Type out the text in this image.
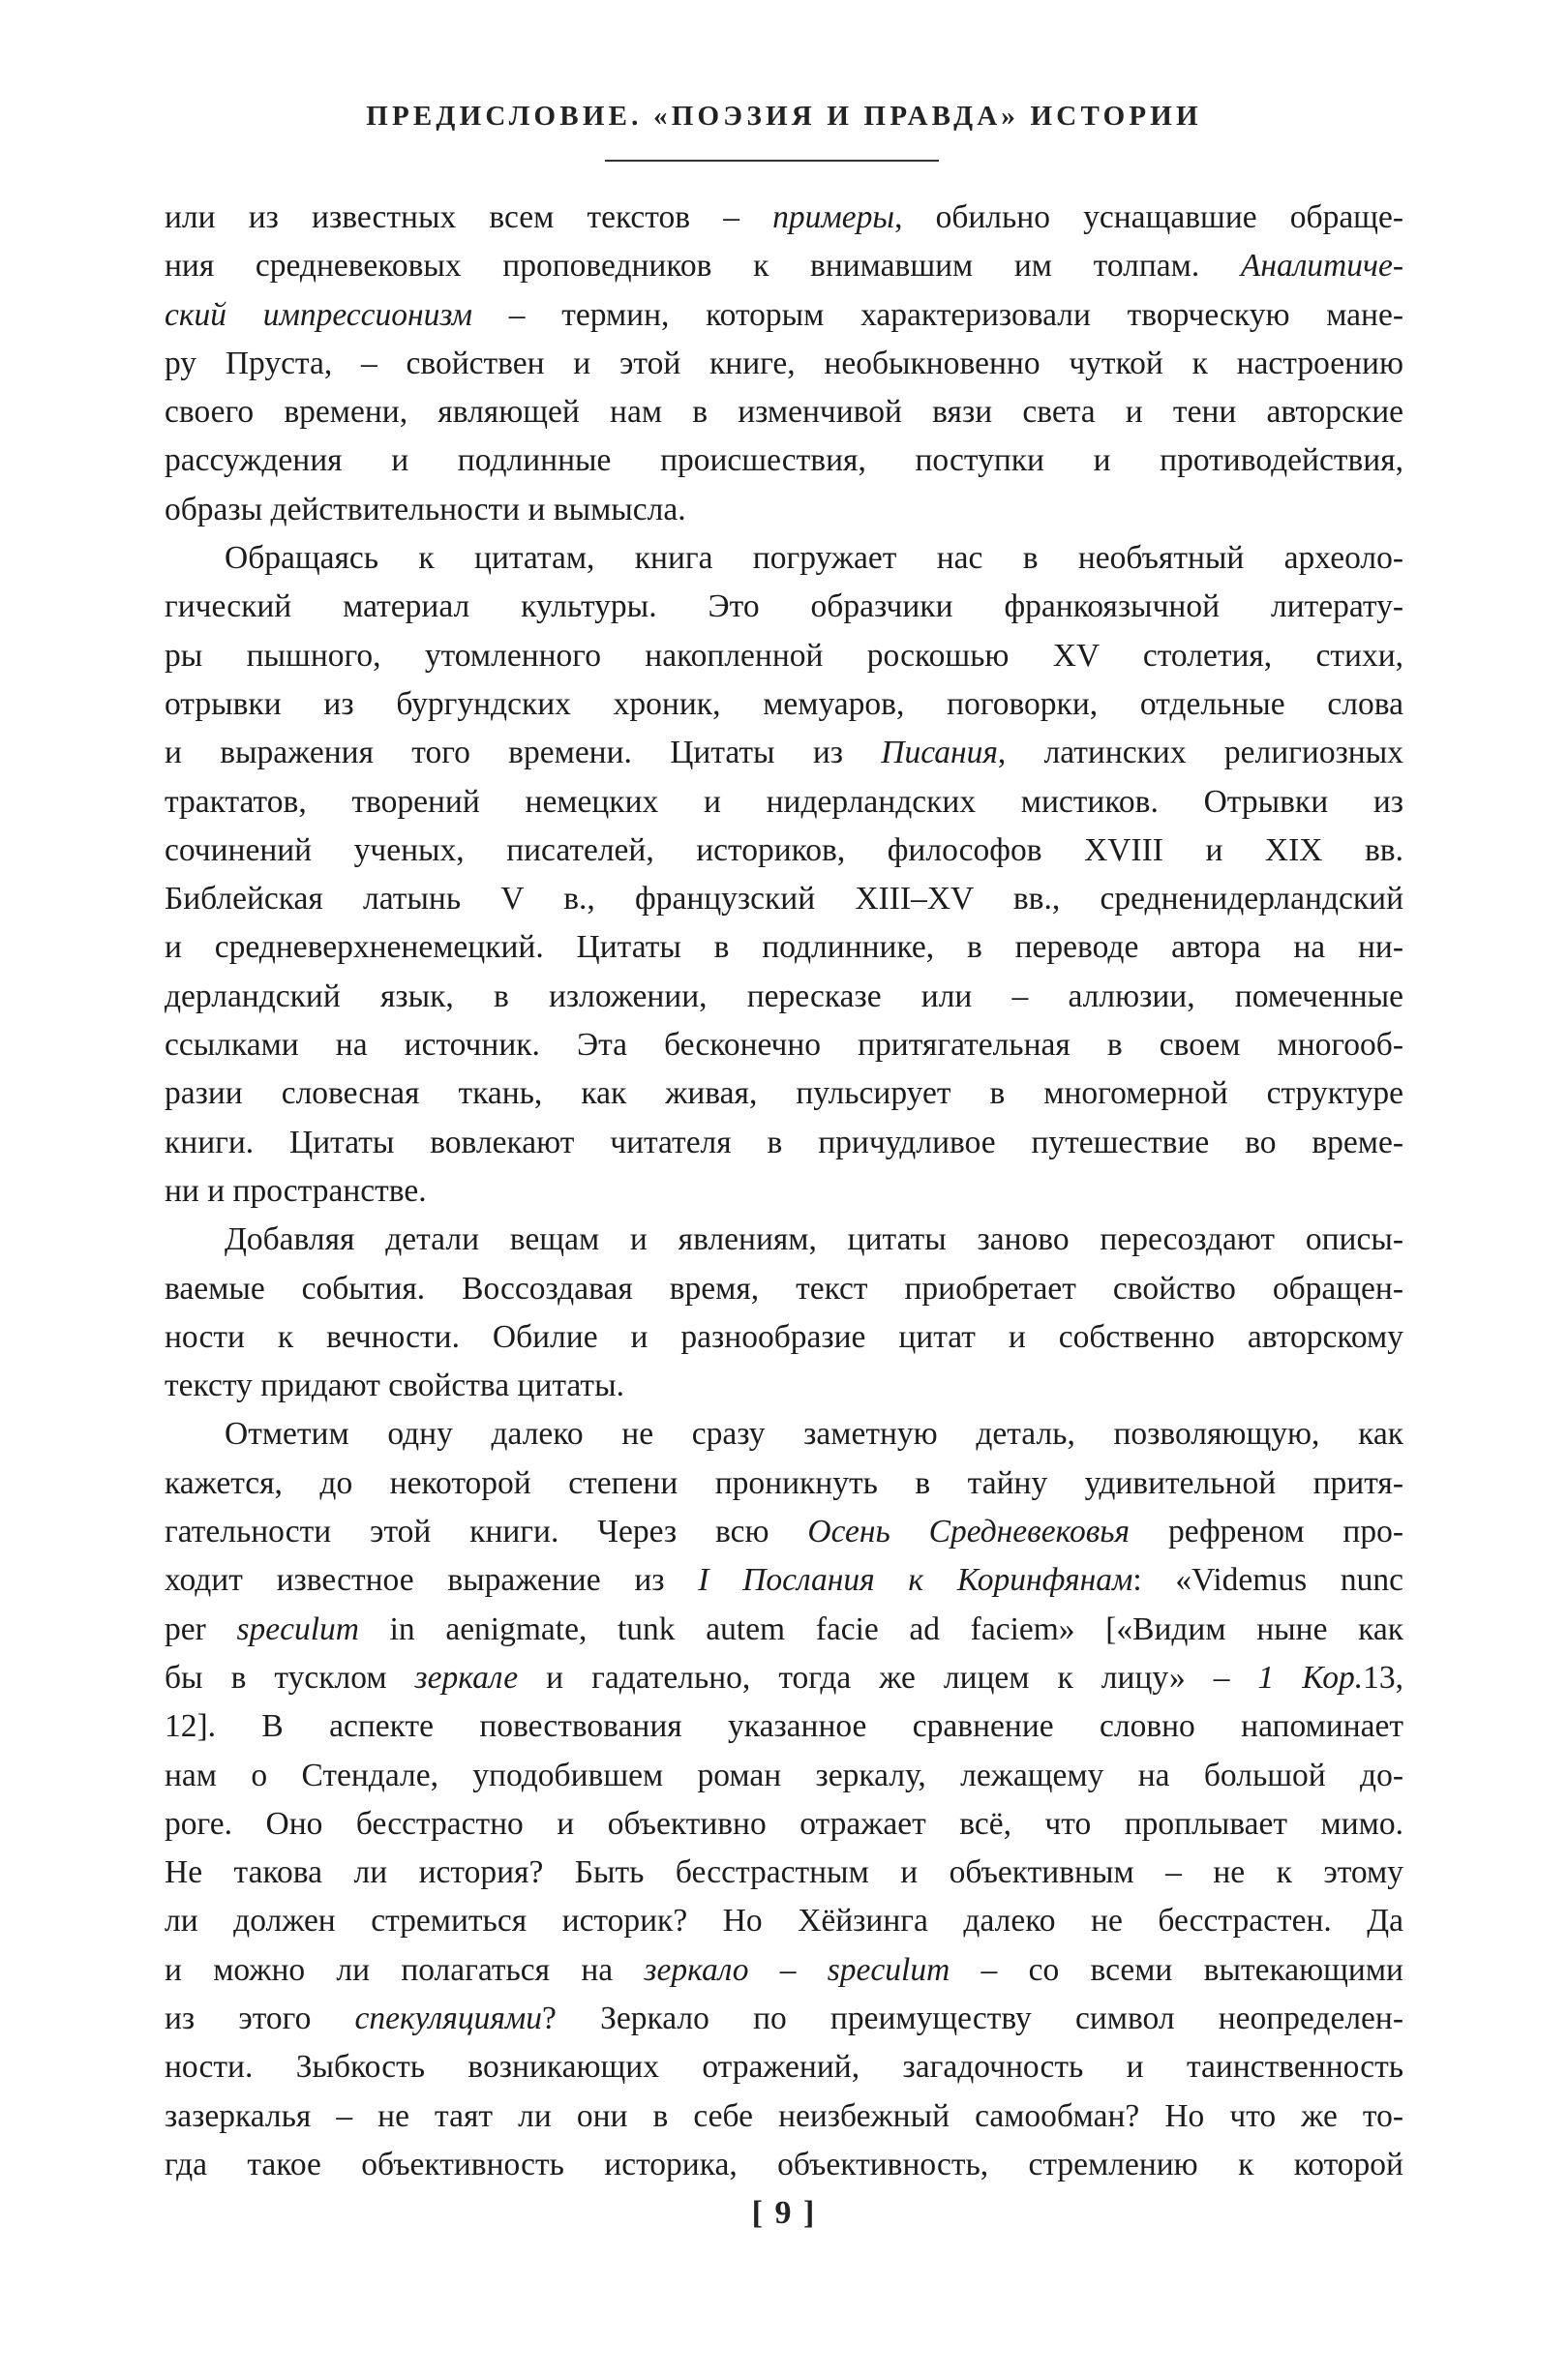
ПРЕДИСЛОВИЕ. «ПОЭЗИЯ И ПРАВДА» ИСТОРИИ

или из известных всем текстов – примеры, обильно уснащавшие обраще-
ния средневековых проповедников к внимавшим им толпам. Аналитиче-
ский импрессионизм – термин, которым характеризовали творческую мане-
ру Пруста, – свойствен и этой книге, необыкновенно чуткой к настроению
своего времени, являющей нам в изменчивой вязи света и тени авторские
рассуждения и подлинные происшествия, поступки и противодействия,
образы действительности и вымысла.

Обращаясь к цитатам, книга погружает нас в необъятный археоло-
гический материал культуры. Это образчики франкоязычной литерату-
ры пышного, утомленного накопленной роскошью XV столетия, стихи,
отрывки из бургундских хроник, мемуаров, поговорки, отдельные слова
и выражения того времени. Цитаты из Писания, латинских религиозных
трактатов, творений немецких и нидерландских мистиков. Отрывки из
сочинений ученых, писателей, историков, философов XVIII и XIX вв.
Библейская латынь V в., французский XIII–XV вв., средненидерландский
и средневерхненемецкий. Цитаты в подлиннике, в переводе автора на ни-
дерландский язык, в изложении, пересказе или – аллюзии, помеченные
ссылками на источник. Эта бесконечно притягательная в своем многооб-
разии словесная ткань, как живая, пульсирует в многомерной структуре
книги. Цитаты вовлекают читателя в причудливое путешествие во време-
ни и пространстве.

Добавляя детали вещам и явлениям, цитаты заново пересоздают описы-
ваемые события. Воссоздавая время, текст приобретает свойство обращен-
ности к вечности. Обилие и разнообразие цитат и собственно авторскому
тексту придают свойства цитаты.

Отметим одну далеко не сразу заметную деталь, позволяющую, как
кажется, до некоторой степени проникнуть в тайну удивительной притя-
гательности этой книги. Через всю Осень Средневековья рефреном про-
ходит известное выражение из I Послания к Коринфянам: «Videmus nunc
per speculum in aenigmate, tunk autem facie ad faciem» [«Видим ныне как
бы в тусклом зеркале и гадательно, тогда же лицем к лицу» – 1 Кор.13,
12]. В аспекте повествования указанное сравнение словно напоминает
нам о Стендале, уподобившем роман зеркалу, лежащему на большой до-
роге. Оно бесстрастно и объективно отражает всё, что проплывает мимо.
Не такова ли история? Быть бесстрастным и объективным – не к этому
ли должен стремиться историк? Но Хёйзинга далеко не бесстрастен. Да
и можно ли полагаться на зеркало – speculum – со всеми вытекающими
из этого спекуляциями? Зеркало по преимуществу символ неопределен-
ности. Зыбкость возникающих отражений, загадочность и таинственность
зазеркалья – не таят ли они в себе неизбежный самообман? Но что же то-
гда такое объективность историка, объективность, стремлению к которой

[ 9 ]
